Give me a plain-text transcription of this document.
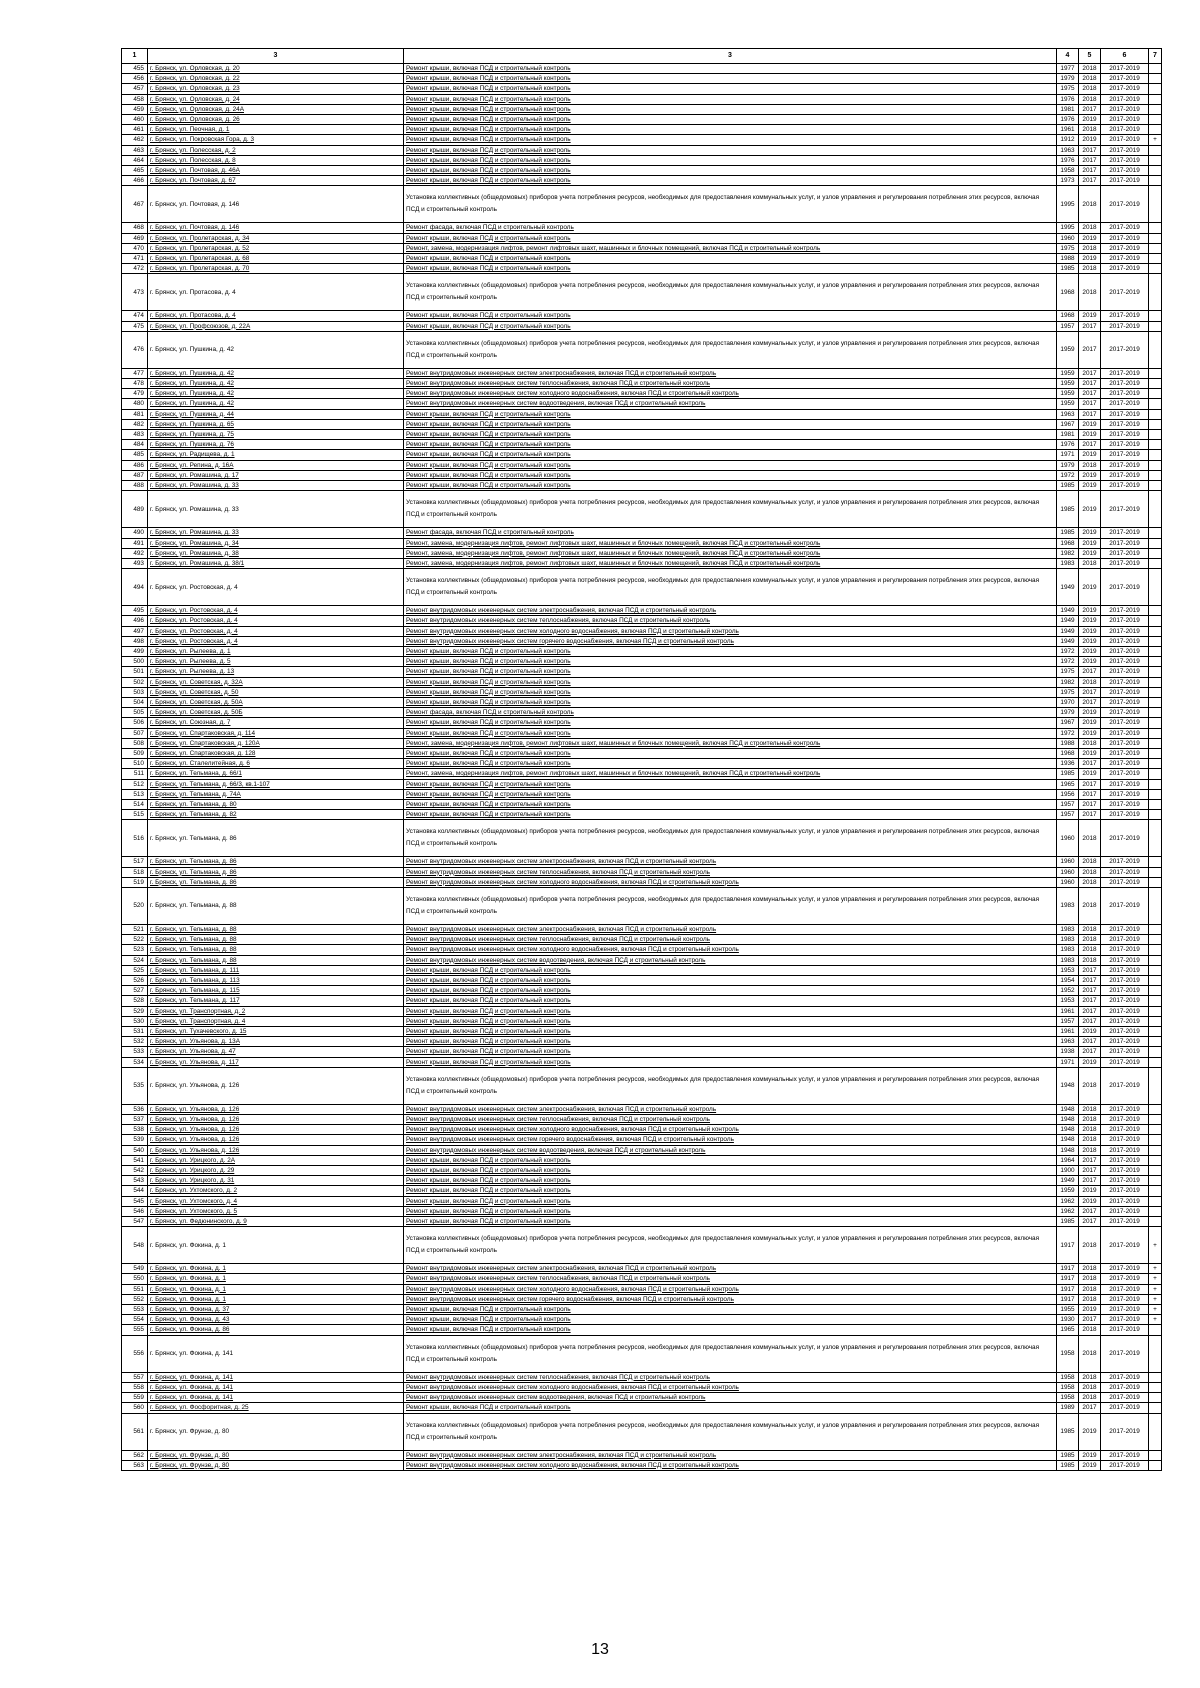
1	3	3	4	5	6	7
455	г. Брянск, ул. Орловская, д. 20	Ремонт крыши, включая ПСД и строительный контроль	1977	2018	2017-2019	
456	г. Брянск, ул. Орловская, д. 22	Ремонт крыши, включая ПСД и строительный контроль	1979	2018	2017-2019	
457	г. Брянск, ул. Орловская, д. 23	Ремонт крыши, включая ПСД и строительный контроль	1975	2018	2017-2019	
458	г. Брянск, ул. Орловская, д. 24	Ремонт крыши, включая ПСД и строительный контроль	1976	2018	2017-2019	
459	г. Брянск, ул. Орловская, д. 24А	Ремонт крыши, включая ПСД и строительный контроль	1981	2017	2017-2019	
460	г. Брянск, ул. Орловская, д. 26	Ремонт крыши, включая ПСД и строительный контроль	1976	2019	2017-2019	
461	г. Брянск, ул. Пеочная, д. 1	Ремонт крыши, включая ПСД и строительный контроль	1961	2018	2017-2019	
462	г. Брянск, ул. Покровская Гора, д. 3	Ремонт крыши, включая ПСД и строительный контроль	1912	2019	2017-2019	+
463	г. Брянск, ул. Полесская, д. 2	Ремонт крыши, включая ПСД и строительный контроль	1963	2017	2017-2019	
464	г. Брянск, ул. Полесская, д. 8	Ремонт крыши, включая ПСД и строительный контроль	1976	2017	2017-2019	
465	г. Брянск, ул. Почтовая, д. 46А	Ремонт крыши, включая ПСД и строительный контроль	1958	2017	2017-2019	
466	г. Брянск, ул. Почтовая, д. 67	Ремонт крыши, включая ПСД и строительный контроль	1973	2017	2017-2019	
467	г. Брянск, ул. Почтовая, д. 146	Установка коллективных (общедомовых) приборов учета потребления ресурсов, необходимых для предоставления коммунальных услуг, и узлов управления и регулирования потребления этих ресурсов, включая ПСД и строительный контроль	1995	2018	2017-2019	
468	г. Брянск, ул. Почтовая, д. 146	Ремонт фасада, включая ПСД и строительный контроль	1995	2018	2017-2019	
469	г. Брянск, ул. Пролетарская, д. 34	Ремонт крыши, включая ПСД и строительный контроль	1960	2019	2017-2019	
470	г. Брянск, ул. Пролетарская, д. 52	Ремонт, замена, модернизация лифтов, ремонт лифтовых шахт, машинных и блочных помещений, включая ПСД и строительный контроль	1975	2018	2017-2019	
471	г. Брянск, ул. Пролетарская, д. 68	Ремонт крыши, включая ПСД и строительный контроль	1988	2019	2017-2019	
472	г. Брянск, ул. Пролетарская, д. 70	Ремонт крыши, включая ПСД и строительный контроль	1985	2018	2017-2019	
473	г. Брянск, ул. Протасова, д. 4	Установка коллективных (общедомовых) приборов учета потребления ресурсов, необходимых для предоставления коммунальных услуг, и узлов управления и регулирования потребления этих ресурсов, включая ПСД и строительный контроль	1968	2018	2017-2019	
474	г. Брянск, ул. Протасова, д. 4	Ремонт крыши, включая ПСД и строительный контроль	1968	2019	2017-2019	
475	г. Брянск, ул. Профсоюзов, д. 22А	Ремонт крыши, включая ПСД и строительный контроль	1957	2017	2017-2019	
476	г. Брянск, ул. Пушкина, д. 42	Установка коллективных (общедомовых) приборов учета потребления ресурсов, необходимых для предоставления коммунальных услуг, и узлов управления и регулирования потребления этих ресурсов, включая ПСД и строительный контроль	1959	2017	2017-2019	
477	г. Брянск, ул. Пушкина, д. 42	Ремонт внутридомовых инженерных систем электроснабжения, включая ПСД и строительный контроль	1959	2017	2017-2019	
478	г. Брянск, ул. Пушкина, д. 42	Ремонт внутридомовых инженерных систем теплоснабжения, включая ПСД и строительный контроль	1959	2017	2017-2019	
479	г. Брянск, ул. Пушкина, д. 42	Ремонт внутридомовых инженерных систем холодного водоснабжения, включая ПСД и строительный контроль	1959	2017	2017-2019	
480	г. Брянск, ул. Пушкина, д. 42	Ремонт внутридомовых инженерных систем водоотведения, включая ПСД и строительный контроль	1959	2017	2017-2019	
481	г. Брянск, ул. Пушкина, д. 44	Ремонт крыши, включая ПСД и строительный контроль	1963	2017	2017-2019	
482	г. Брянск, ул. Пушкина, д. 65	Ремонт крыши, включая ПСД и строительный контроль	1967	2019	2017-2019	
483	г. Брянск, ул. Пушкина, д. 75	Ремонт крыши, включая ПСД и строительный контроль	1981	2019	2017-2019	
484	г. Брянск, ул. Пушкина, д. 76	Ремонт крыши, включая ПСД и строительный контроль	1976	2017	2017-2019	
485	г. Брянск, ул. Радищева, д. 1	Ремонт крыши, включая ПСД и строительный контроль	1971	2019	2017-2019	
486	г. Брянск, ул. Репина, д. 16А	Ремонт крыши, включая ПСД и строительный контроль	1979	2018	2017-2019	
487	г. Брянск, ул. Ромашина, д. 17	Ремонт крыши, включая ПСД и строительный контроль	1972	2019	2017-2019	
488	г. Брянск, ул. Ромашина, д. 33	Ремонт крыши, включая ПСД и строительный контроль	1985	2019	2017-2019	
489	г. Брянск, ул. Ромашина, д. 33	Установка коллективных (общедомовых) приборов учета потребления ресурсов, необходимых для предоставления коммунальных услуг, и узлов управления и регулирования потребления этих ресурсов, включая ПСД и строительный контроль	1985	2019	2017-2019	
490	г. Брянск, ул. Ромашина, д. 33	Ремонт фасада, включая ПСД и строительный контроль	1985	2019	2017-2019	
491	г. Брянск, ул. Ромашина, д. 34	Ремонт, замена, модернизация лифтов, ремонт лифтовых шахт, машинных и блочных помещений, включая ПСД и строительный контроль	1968	2019	2017-2019	
492	г. Брянск, ул. Ромашина, д. 38	Ремонт, замена, модернизация лифтов, ремонт лифтовых шахт, машинных и блочных помещений, включая ПСД и строительный контроль	1982	2019	2017-2019	
493	г. Брянск, ул. Ромашина, д. 38/1	Ремонт, замена, модернизация лифтов, ремонт лифтовых шахт, машинных и блочных помещений, включая ПСД и строительный контроль	1983	2018	2017-2019	
494	г. Брянск, ул. Ростовская, д. 4	Установка коллективных (общедомовых) приборов учета потребления ресурсов, необходимых для предоставления коммунальных услуг, и узлов управления и регулирования потребления этих ресурсов, включая ПСД и строительный контроль	1949	2019	2017-2019	
495	г. Брянск, ул. Ростовская, д. 4	Ремонт внутридомовых инженерных систем электроснабжения, включая ПСД и строительный контроль	1949	2019	2017-2019	
496	г. Брянск, ул. Ростовская, д. 4	Ремонт внутридомовых инженерных систем теплоснабжения, включая ПСД и строительный контроль	1949	2019	2017-2019	
497	г. Брянск, ул. Ростовская, д. 4	Ремонт внутридомовых инженерных систем холодного водоснабжения, включая ПСД и строительный контроль	1949	2019	2017-2019	
498	г. Брянск, ул. Ростовская, д. 4	Ремонт внутридомовых инженерных систем горячего водоснабжения, включая ПСД и строительный контроль	1949	2019	2017-2019	
499	г. Брянск, ул. Рылеева, д. 1	Ремонт крыши, включая ПСД и строительный контроль	1972	2019	2017-2019	
500	г. Брянск, ул. Рылеева, д. 5	Ремонт крыши, включая ПСД и строительный контроль	1972	2019	2017-2019	
501	г. Брянск, ул. Рылеева, д. 13	Ремонт крыши, включая ПСД и строительный контроль	1975	2017	2017-2019	
502	г. Брянск, ул. Советская, д. 32А	Ремонт крыши, включая ПСД и строительный контроль	1982	2018	2017-2019	
503	г. Брянск, ул. Советская, д. 50	Ремонт крыши, включая ПСД и строительный контроль	1975	2017	2017-2019	
504	г. Брянск, ул. Советская, д. 50А	Ремонт крыши, включая ПСД и строительный контроль	1970	2017	2017-2019	
505	г. Брянск, ул. Советская, д. 50Б	Ремонт фасада, включая ПСД и строительный контроль	1979	2019	2017-2019	
506	г. Брянск, ул. Союзная, д. 7	Ремонт крыши, включая ПСД и строительный контроль	1967	2019	2017-2019	
507	г. Брянск, ул. Спартаковская, д. 114	Ремонт крыши, включая ПСД и строительный контроль	1972	2019	2017-2019	
508	г. Брянск, ул. Спартаковская, д. 120А	Ремонт, замена, модернизация лифтов, ремонт лифтовых шахт, машинных и блочных помещений, включая ПСД и строительный контроль	1988	2018	2017-2019	
509	г. Брянск, ул. Спартаковская, д. 128	Ремонт крыши, включая ПСД и строительный контроль	1968	2019	2017-2019	
510	г. Брянск, ул. Сталелитейная, д. 6	Ремонт крыши, включая ПСД и строительный контроль	1936	2017	2017-2019	
511	г. Брянск, ул. Тельмана, д. 66/1	Ремонт, замена, модернизация лифтов, ремонт лифтовых шахт, машинных и блочных помещений, включая ПСД и строительный контроль	1985	2019	2017-2019	
512	г. Брянск, ул. Тельмана, д. 66/3, кв.1-107	Ремонт крыши, включая ПСД и строительный контроль	1965	2017	2017-2019	
513	г. Брянск, ул. Тельмана, д. 74А	Ремонт крыши, включая ПСД и строительный контроль	1956	2017	2017-2019	
514	г. Брянск, ул. Тельмана, д. 80	Ремонт крыши, включая ПСД и строительный контроль	1957	2017	2017-2019	
515	г. Брянск, ул. Тельмана, д. 82	Ремонт крыши, включая ПСД и строительный контроль	1957	2017	2017-2019	
516	г. Брянск, ул. Тельмана, д. 86	Установка коллективных (общедомовых) приборов учета потребления ресурсов, необходимых для предоставления коммунальных услуг, и узлов управления и регулирования потребления этих ресурсов, включая ПСД и строительный контроль	1960	2018	2017-2019	
517	г. Брянск, ул. Тельмана, д. 86	Ремонт внутридомовых инженерных систем электроснабжения, включая ПСД и строительный контроль	1960	2018	2017-2019	
518	г. Брянск, ул. Тельмана, д. 86	Ремонт внутридомовых инженерных систем теплоснабжения, включая ПСД и строительный контроль	1960	2018	2017-2019	
519	г. Брянск, ул. Тельмана, д. 86	Ремонт внутридомовых инженерных систем холодного водоснабжения, включая ПСД и строительный контроль	1960	2018	2017-2019	
520	г. Брянск, ул. Тельмана, д. 88	Установка коллективных (общедомовых) приборов учета потребления ресурсов, необходимых для предоставления коммунальных услуг, и узлов управления и регулирования потребления этих ресурсов, включая ПСД и строительный контроль	1983	2018	2017-2019	
521	г. Брянск, ул. Тельмана, д. 88	Ремонт внутридомовых инженерных систем электроснабжения, включая ПСД и строительный контроль	1983	2018	2017-2019	
522	г. Брянск, ул. Тельмана, д. 88	Ремонт внутридомовых инженерных систем теплоснабжения, включая ПСД и строительный контроль	1983	2018	2017-2019	
523	г. Брянск, ул. Тельмана, д. 88	Ремонт внутридомовых инженерных систем холодного водоснабжения, включая ПСД и строительный контроль	1983	2018	2017-2019	
524	г. Брянск, ул. Тельмана, д. 88	Ремонт внутридомовых инженерных систем водоотведения, включая ПСД и строительный контроль	1983	2018	2017-2019	
525	г. Брянск, ул. Тельмана, д. 111	Ремонт крыши, включая ПСД и строительный контроль	1953	2017	2017-2019	
526	г. Брянск, ул. Тельмана, д. 113	Ремонт крыши, включая ПСД и строительный контроль	1954	2017	2017-2019	
527	г. Брянск, ул. Тельмана, д. 115	Ремонт крыши, включая ПСД и строительный контроль	1952	2017	2017-2019	
528	г. Брянск, ул. Тельмана, д. 117	Ремонт крыши, включая ПСД и строительный контроль	1953	2017	2017-2019	
529	г. Брянск, ул. Транспортная, д. 2	Ремонт крыши, включая ПСД и строительный контроль	1961	2017	2017-2019	
530	г. Брянск, ул. Транспортная, д. 4	Ремонт крыши, включая ПСД и строительный контроль	1957	2017	2017-2019	
531	г. Брянск, ул. Тухачевского, д. 15	Ремонт крыши, включая ПСД и строительный контроль	1961	2019	2017-2019	
532	г. Брянск, ул. Ульянова, д. 13А	Ремонт крыши, включая ПСД и строительный контроль	1963	2017	2017-2019	
533	г. Брянск, ул. Ульянова, д. 47	Ремонт крыши, включая ПСД и строительный контроль	1938	2017	2017-2019	
534	г. Брянск, ул. Ульянова, д. 117	Ремонт крыши, включая ПСД и строительный контроль	1971	2019	2017-2019	
535	г. Брянск, ул. Ульянова, д. 126	Установка коллективных (общедомовых) приборов учета потребления ресурсов, необходимых для предоставления коммунальных услуг, и узлов управления и регулирования потребления этих ресурсов, включая ПСД и строительный контроль	1948	2018	2017-2019	
536	г. Брянск, ул. Ульянова, д. 126	Ремонт внутридомовых инженерных систем электроснабжения, включая ПСД и строительный контроль	1948	2018	2017-2019	
537	г. Брянск, ул. Ульянова, д. 126	Ремонт внутридомовых инженерных систем теплоснабжения, включая ПСД и строительный контроль	1948	2018	2017-2019	
538	г. Брянск, ул. Ульянова, д. 126	Ремонт внутридомовых инженерных систем холодного водоснабжения, включая ПСД и строительный контроль	1948	2018	2017-2019	
539	г. Брянск, ул. Ульянова, д. 126	Ремонт внутридомовых инженерных систем горячего водоснабжения, включая ПСД и строительный контроль	1948	2018	2017-2019	
540	г. Брянск, ул. Ульянова, д. 126	Ремонт внутридомовых инженерных систем водоотведения, включая ПСД и строительный контроль	1948	2018	2017-2019	
541	г. Брянск, ул. Урицкого, д. 2А	Ремонт крыши, включая ПСД и строительный контроль	1964	2017	2017-2019	
542	г. Брянск, ул. Урицкого, д. 29	Ремонт крыши, включая ПСД и строительный контроль	1900	2017	2017-2019	
543	г. Брянск, ул. Урицкого, д. 31	Ремонт крыши, включая ПСД и строительный контроль	1949	2017	2017-2019	
544	г. Брянск, ул. Ухтомского, д. 2	Ремонт крыши, включая ПСД и строительный контроль	1959	2019	2017-2019	
545	г. Брянск, ул. Ухтомского, д. 4	Ремонт крыши, включая ПСД и строительный контроль	1962	2019	2017-2019	
546	г. Брянск, ул. Ухтомского, д. 5	Ремонт крыши, включая ПСД и строительный контроль	1962	2017	2017-2019	
547	г. Брянск, ул. Федюнинского, д. 9	Ремонт крыши, включая ПСД и строительный контроль	1985	2017	2017-2019	
548	г. Брянск, ул. Фокина, д. 1	Установка коллективных (общедомовых) приборов учета потребления ресурсов, необходимых для предоставления коммунальных услуг, и узлов управления и регулирования потребления этих ресурсов, включая ПСД и строительный контроль	1917	2018	2017-2019	+
549	г. Брянск, ул. Фокина, д. 1	Ремонт внутридомовых инженерных систем электроснабжения, включая ПСД и строительный контроль	1917	2018	2017-2019	+
550	г. Брянск, ул. Фокина, д. 1	Ремонт внутридомовых инженерных систем теплоснабжения, включая ПСД и строительный контроль	1917	2018	2017-2019	+
551	г. Брянск, ул. Фокина, д. 1	Ремонт внутридомовых инженерных систем холодного водоснабжения, включая ПСД и строительный контроль	1917	2018	2017-2019	+
552	г. Брянск, ул. Фокина, д. 1	Ремонт внутридомовых инженерных систем горячего водоснабжения, включая ПСД и строительный контроль	1917	2018	2017-2019	+
553	г. Брянск, ул. Фокина, д. 37	Ремонт крыши, включая ПСД и строительный контроль	1955	2019	2017-2019	+
554	г. Брянск, ул. Фокина, д. 43	Ремонт крыши, включая ПСД и строительный контроль	1930	2017	2017-2019	+
555	г. Брянск, ул. Фокина, д. 86	Ремонт крыши, включая ПСД и строительный контроль	1965	2018	2017-2019	
556	г. Брянск, ул. Фокина, д. 141	Установка коллективных (общедомовых) приборов учета потребления ресурсов, необходимых для предоставления коммунальных услуг, и узлов управления и регулирования потребления этих ресурсов, включая ПСД и строительный контроль	1958	2018	2017-2019	
557	г. Брянск, ул. Фокина, д. 141	Ремонт внутридомовых инженерных систем теплоснабжения, включая ПСД и строительный контроль	1958	2018	2017-2019	
558	г. Брянск, ул. Фокина, д. 141	Ремонт внутридомовых инженерных систем холодного водоснабжения, включая ПСД и строительный контроль	1958	2018	2017-2019	
559	г. Брянск, ул. Фокина, д. 141	Ремонт внутридомовых инженерных систем водоотведения, включая ПСД и строительный контроль	1958	2018	2017-2019	
560	г. Брянск, ул. Фосфоритная, д. 25	Ремонт крыши, включая ПСД и строительный контроль	1989	2017	2017-2019	
561	г. Брянск, ул. Фрунзе, д. 80	Установка коллективных (общедомовых) приборов учета потребления ресурсов, необходимых для предоставления коммунальных услуг, и узлов управления и регулирования потребления этих ресурсов, включая ПСД и строительный контроль	1985	2019	2017-2019	
562	г. Брянск, ул. Фрунзе, д. 80	Ремонт внутридомовых инженерных систем электроснабжения, включая ПСД и строительный контроль	1985	2019	2017-2019	
563	г. Брянск, ул. Фрунзе, д. 80	Ремонт внутридомовых инженерных систем холодного водоснабжения, включая ПСД и строительный контроль	1985	2019	2017-2019	
13
